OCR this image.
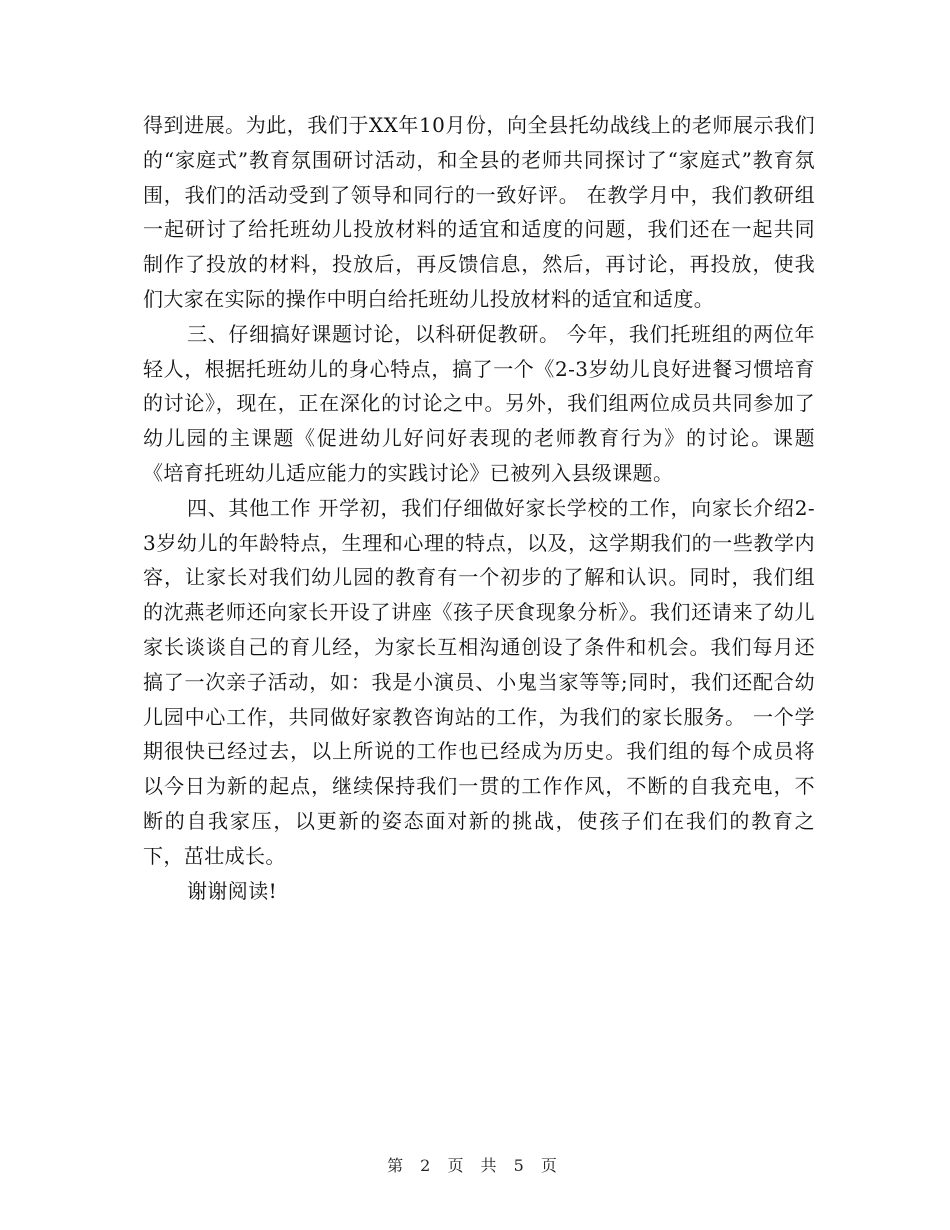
得到进展。为此，我们于XX年10月份，向全县托幼战线上的老师展示我们的“家庭式”教育氛围研讨活动，和全县的老师共同探讨了“家庭式”教育氛围，我们的活动受到了领导和同行的一致好评。 在教学月中，我们教研组一起研讨了给托班幼儿投放材料的适宜和适度的问题，我们还在一起共同制作了投放的材料，投放后，再反馈信息，然后，再讨论，再投放，使我们大家在实际的操作中明白给托班幼儿投放材料的适宜和适度。

三、仔细搞好课题讨论，以科研促教研。 今年，我们托班组的两位年轻人，根据托班幼儿的身心特点，搞了一个《2-3岁幼儿良好进餐习惯培育的讨论》，现在，正在深化的讨论之中。另外，我们组两位成员共同参加了幼儿园的主课题《促进幼儿好问好表现的老师教育行为》的讨论。课题《培育托班幼儿适应能力的实践讨论》已被列入县级课题。

四、其他工作 开学初，我们仔细做好家长学校的工作，向家长介绍2-3岁幼儿的年龄特点，生理和心理的特点，以及，这学期我们的一些教学内容，让家长对我们幼儿园的教育有一个初步的了解和认识。同时，我们组的沈燕老师还向家长开设了讲座《孩子厌食现象分析》。我们还请来了幼儿家长谈谈自己的育儿经，为家长互相沟通创设了条件和机会。我们每月还搞了一次亲子活动，如：我是小演员、小鬼当家等等;同时，我们还配合幼儿园中心工作，共同做好家教咨询站的工作，为我们的家长服务。 一个学期很快已经过去，以上所说的工作也已经成为历史。我们组的每个成员将以今日为新的起点，继续保持我们一贯的工作作风，不断的自我充电，不断的自我家压，以更新的姿态面对新的挑战，使孩子们在我们的教育之下，茁壮成长。

谢谢阅读!

第 2 页 共 5 页
